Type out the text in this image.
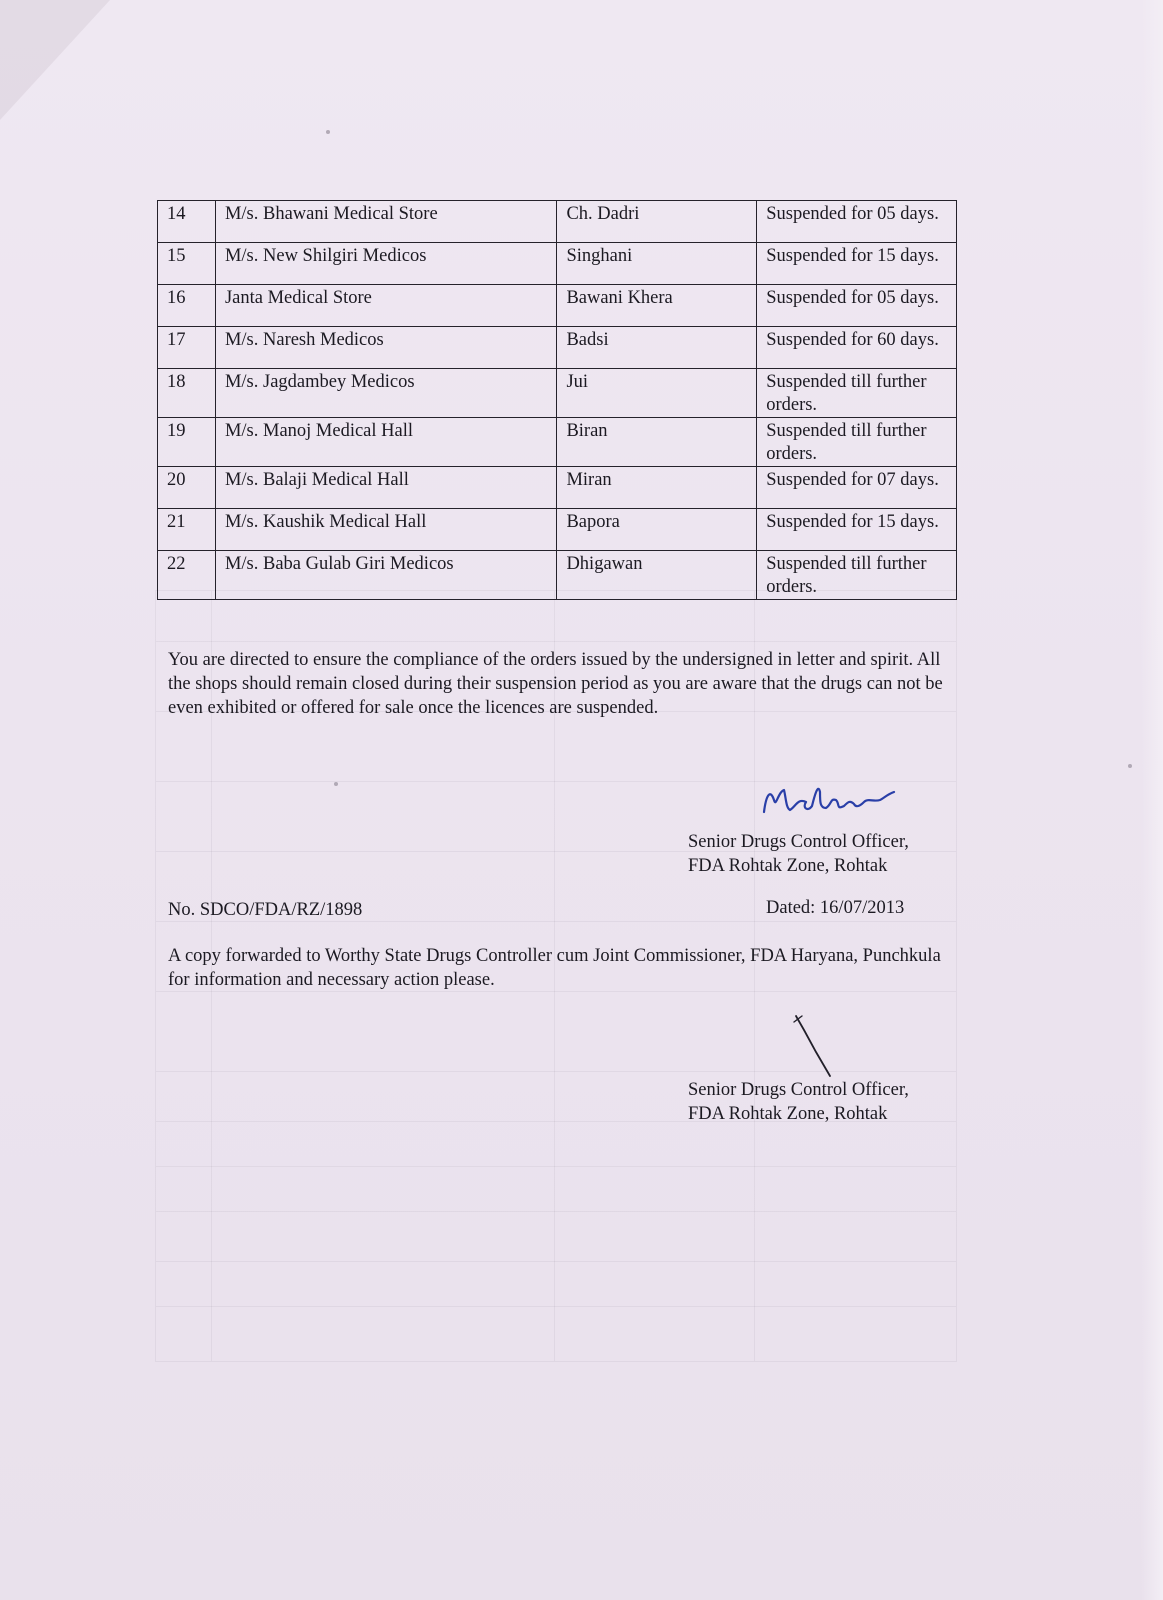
14	M/s. Bhawani Medical Store	Ch. Dadri	Suspended for 05 days.
15	M/s. New Shilgiri Medicos	Singhani	Suspended for 15 days.
16	Janta Medical Store	Bawani Khera	Suspended for 05 days.
17	M/s. Naresh Medicos	Badsi	Suspended for 60 days.
18	M/s. Jagdambey Medicos	Jui	Suspended till further orders.
19	M/s. Manoj Medical Hall	Biran	Suspended till further orders.
20	M/s. Balaji Medical Hall	Miran	Suspended for 07 days.
21	M/s. Kaushik Medical Hall	Bapora	Suspended for 15 days.
22	M/s. Baba Gulab Giri Medicos	Dhigawan	Suspended till further orders.

You are directed to ensure the compliance of the orders issued by the undersigned in letter and spirit. All the shops should remain closed during their suspension period as you are aware that the drugs can not be even exhibited or offered for sale once the licences are suspended.

Senior Drugs Control Officer,
FDA Rohtak Zone, Rohtak
No. SDCO/FDA/RZ/1898	Dated: 16/07/2013

A copy forwarded to Worthy State Drugs Controller cum Joint Commissioner, FDA Haryana, Punchkula for information and necessary action please.

Senior Drugs Control Officer,
FDA Rohtak Zone, Rohtak
